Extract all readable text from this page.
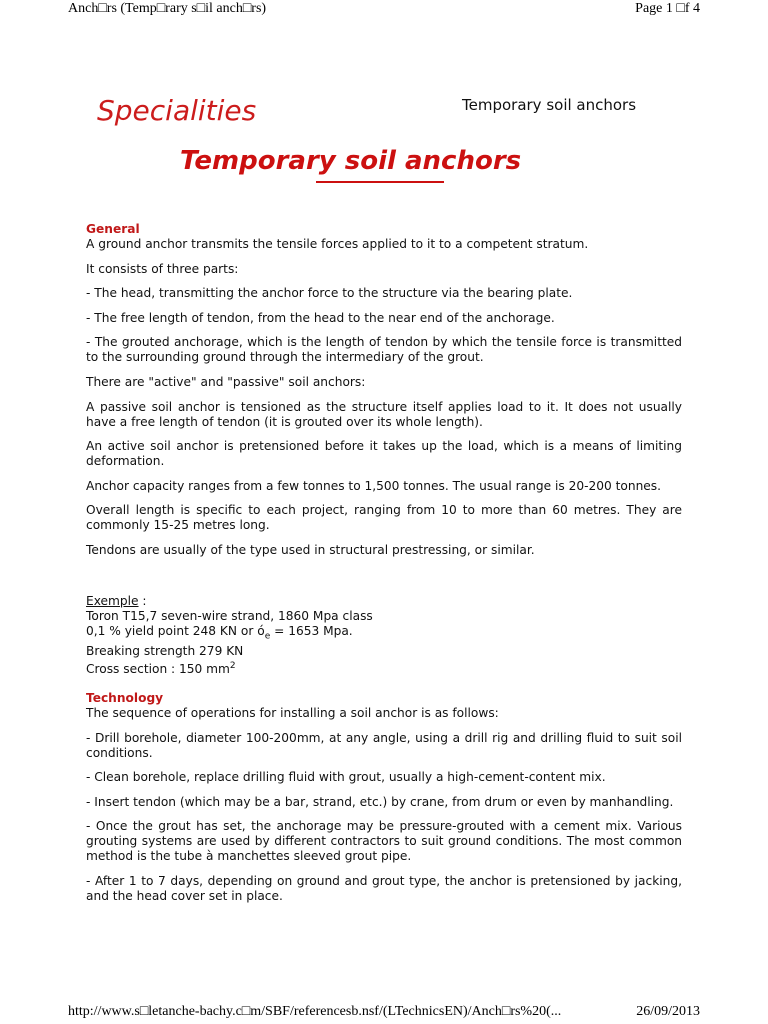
Anch□rs (Temp□rary s□il anch□rs)	Page 1 □f 4
Specialities	Temporary soil anchors
Temporary soil anchors
General

A ground anchor transmits the tensile forces applied to it to a competent stratum.

It consists of three parts:

- The head, transmitting the anchor force to the structure via the bearing plate.

- The free length of tendon, from the head to the near end of the anchorage.

- The grouted anchorage, which is the length of tendon by which the tensile force is transmitted to the surrounding ground through the intermediary of the grout.

There are "active" and "passive" soil anchors:

A passive soil anchor is tensioned as the structure itself applies load to it. It does not usually have a free length of tendon (it is grouted over its whole length).

An active soil anchor is pretensioned before it takes up the load, which is a means of limiting deformation.

Anchor capacity ranges from a few tonnes to 1,500 tonnes. The usual range is 20-200 tonnes.

Overall length is specific to each project, ranging from 10 to more than 60 metres. They are commonly 15-25 metres long.

Tendons are usually of the type used in structural prestressing, or similar.

Exemple :
Toron T15,7 seven-wire strand, 1860 Mpa class
0,1 % yield point 248 KN or $ó_e = 1653$ Mpa.
Breaking strength 279 KN
Cross section : 150 $mm^2$
Technology

The sequence of operations for installing a soil anchor is as follows:

- Drill borehole, diameter 100-200mm, at any angle, using a drill rig and drilling fluid to suit soil conditions.

- Clean borehole, replace drilling fluid with grout, usually a high-cement-content mix.

- Insert tendon (which may be a bar, strand, etc.) by crane, from drum or even by manhandling.

- Once the grout has set, the anchorage may be pressure-grouted with a cement mix. Various grouting systems are used by different contractors to suit ground conditions. The most common method is the tube à manchettes sleeved grout pipe.

- After 1 to 7 days, depending on ground and grout type, the anchor is pretensioned by jacking, and the head cover set in place.

http://www.s□letanche-bachy.c□m/SBF/referencesb.nsf/(LTechnicsEN)/Anch□rs%20(...	26/09/2013
